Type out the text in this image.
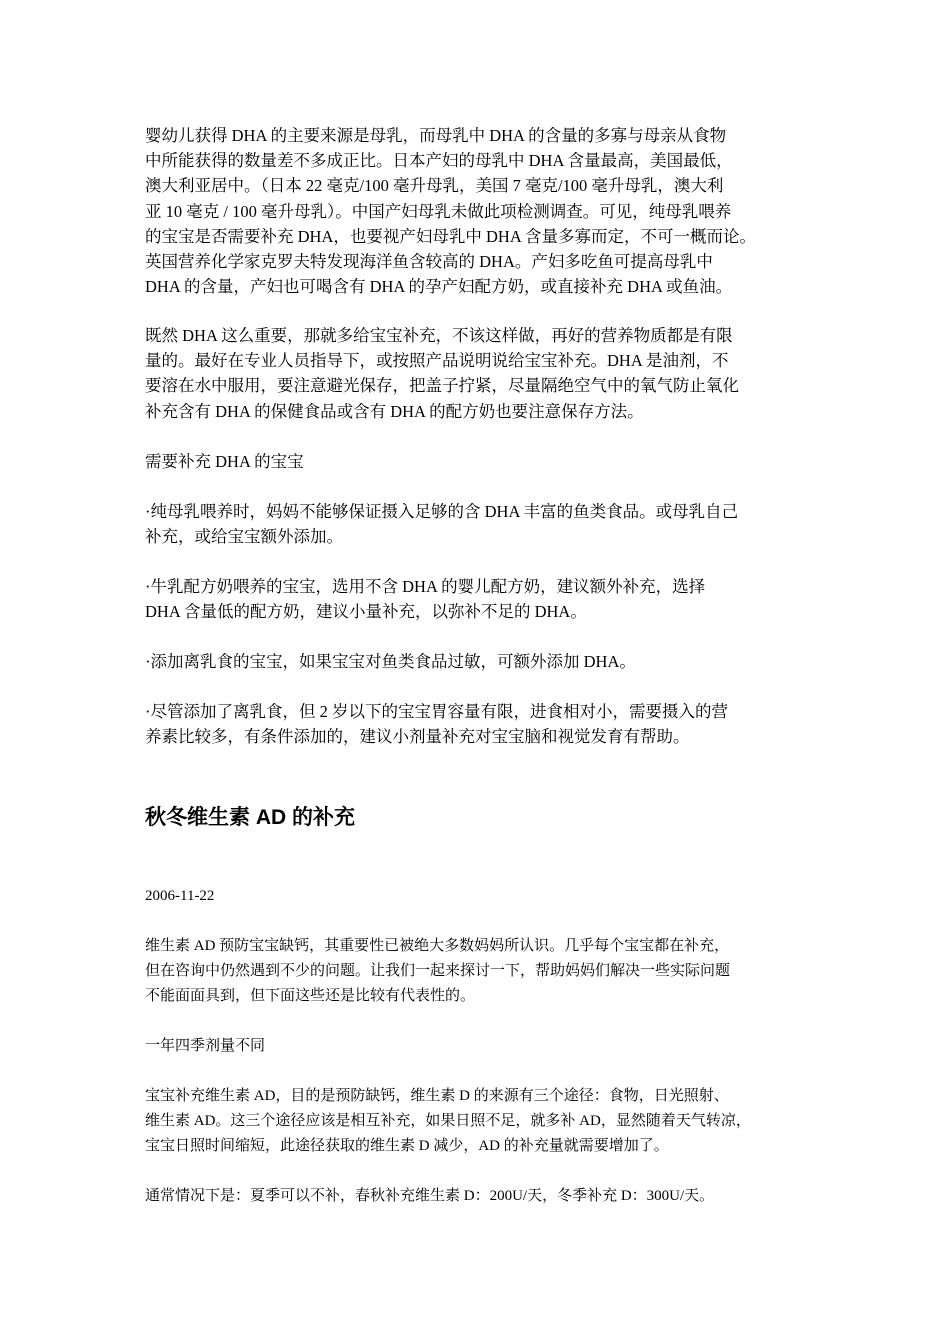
婴幼儿获得 DHA 的主要来源是母乳，而母乳中 DHA 的含量的多寡与母亲从食物
中所能获得的数量差不多成正比。日本产妇的母乳中 DHA 含量最高，美国最低，
澳大利亚居中。（日本 22 毫克/100 毫升母乳，美国 7 毫克/100 毫升母乳，澳大利
亚 10 毫克 / 100 毫升母乳）。中国产妇母乳未做此项检测调查。可见，纯母乳喂养
的宝宝是否需要补充 DHA，也要视产妇母乳中 DHA 含量多寡而定，不可一概而论。
英国营养化学家克罗夫特发现海洋鱼含较高的 DHA。产妇多吃鱼可提高母乳中
DHA 的含量，产妇也可喝含有 DHA 的孕产妇配方奶，或直接补充 DHA 或鱼油。
既然 DHA 这么重要，那就多给宝宝补充，不该这样做，再好的营养物质都是有限
量的。最好在专业人员指导下，或按照产品说明说给宝宝补充。DHA 是油剂，不
要溶在水中服用，要注意避光保存，把盖子拧紧，尽量隔绝空气中的氧气防止氧化
补充含有 DHA 的保健食品或含有 DHA 的配方奶也要注意保存方法。
需要补充 DHA 的宝宝
·纯母乳喂养时，妈妈不能够保证摄入足够的含 DHA 丰富的鱼类食品。或母乳自己
补充，或给宝宝额外添加。
·牛乳配方奶喂养的宝宝，选用不含 DHA 的婴儿配方奶，建议额外补充，选择
DHA 含量低的配方奶，建议小量补充，以弥补不足的 DHA。
·添加离乳食的宝宝，如果宝宝对鱼类食品过敏，可额外添加 DHA。
·尽管添加了离乳食，但 2 岁以下的宝宝胃容量有限，进食相对小，需要摄入的营
养素比较多，有条件添加的，建议小剂量补充对宝宝脑和视觉发育有帮助。
秋冬维生素 AD 的补充
2006-11-22
维生素 AD 预防宝宝缺钙，其重要性已被绝大多数妈妈所认识。几乎每个宝宝都在补充，
但在咨询中仍然遇到不少的问题。让我们一起来探讨一下，帮助妈妈们解决一些实际问题
不能面面具到，但下面这些还是比较有代表性的。
一年四季剂量不同
宝宝补充维生素 AD，目的是预防缺钙，维生素 D 的来源有三个途径：食物，日光照射、
维生素 AD。这三个途径应该是相互补充，如果日照不足，就多补 AD，显然随着天气转凉，
宝宝日照时间缩短，此途径获取的维生素 D 减少，AD 的补充量就需要增加了。
通常情况下是：夏季可以不补，春秋补充维生素 D：200U/天，冬季补充 D：300U/天。
